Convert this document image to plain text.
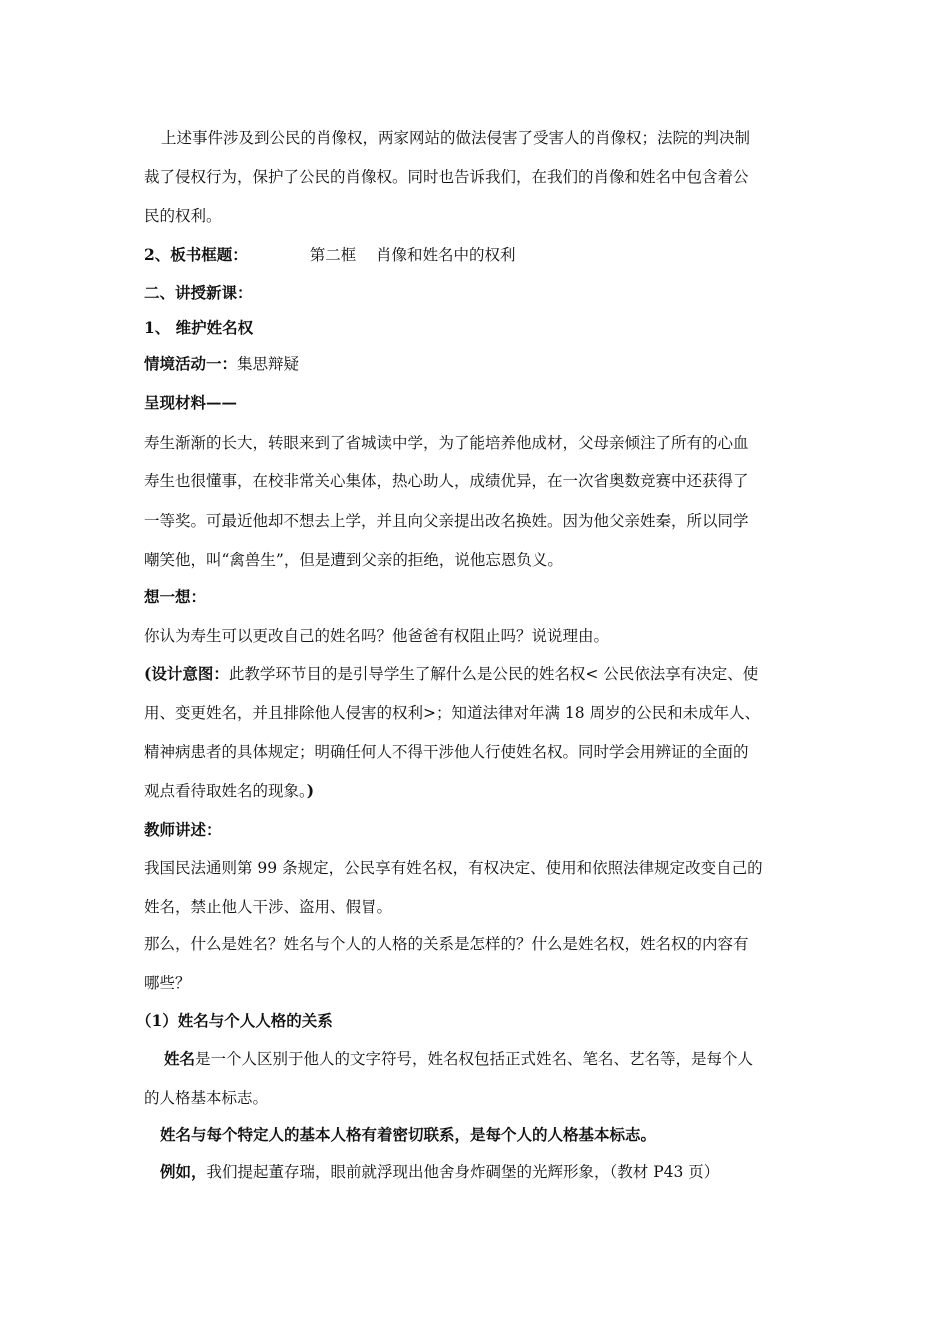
上述事件涉及到公民的肖像权，两家网站的做法侵害了受害人的肖像权；法院的判决制
裁了侵权行为，保护了公民的肖像权。同时也告诉我们，在我们的肖像和姓名中包含着公
民的权利。
2、板书框题：	第二框    肖像和姓名中的权利
二、讲授新课：
1、 维护姓名权
情境活动一：集思辩疑
呈现材料——
寿生渐渐的长大，转眼来到了省城读中学，为了能培养他成材，父母亲倾注了所有的心血
寿生也很懂事，在校非常关心集体，热心助人，成绩优异，在一次省奥数竞赛中还获得了
一等奖。可最近他却不想去上学，并且向父亲提出改名换姓。因为他父亲姓秦，所以同学
嘲笑他，叫“禽兽生”，但是遭到父亲的拒绝，说他忘恩负义。
想一想：
你认为寿生可以更改自己的姓名吗？他爸爸有权阻止吗？说说理由。
(设计意图：此教学环节目的是引导学生了解什么是公民的姓名权< 公民依法享有决定、使
用、变更姓名，并且排除他人侵害的权利>；知道法律对年满 18 周岁的公民和未成年人、
精神病患者的具体规定；明确任何人不得干涉他人行使姓名权。同时学会用辨证的全面的
观点看待取姓名的现象。)
教师讲述：
我国民法通则第 99 条规定，公民享有姓名权，有权决定、使用和依照法律规定改变自己的
姓名，禁止他人干涉、盗用、假冒。
那么，什么是姓名？姓名与个人的人格的关系是怎样的？什么是姓名权，姓名权的内容有
哪些？
（1）姓名与个人人格的关系
姓名是一个人区别于他人的文字符号，姓名权包括正式姓名、笔名、艺名等，是每个人
的人格基本标志。
姓名与每个特定人的基本人格有着密切联系，是每个人的人格基本标志。
例如，我们提起董存瑞，眼前就浮现出他舍身炸碉堡的光辉形象，（教材 P43 页）
